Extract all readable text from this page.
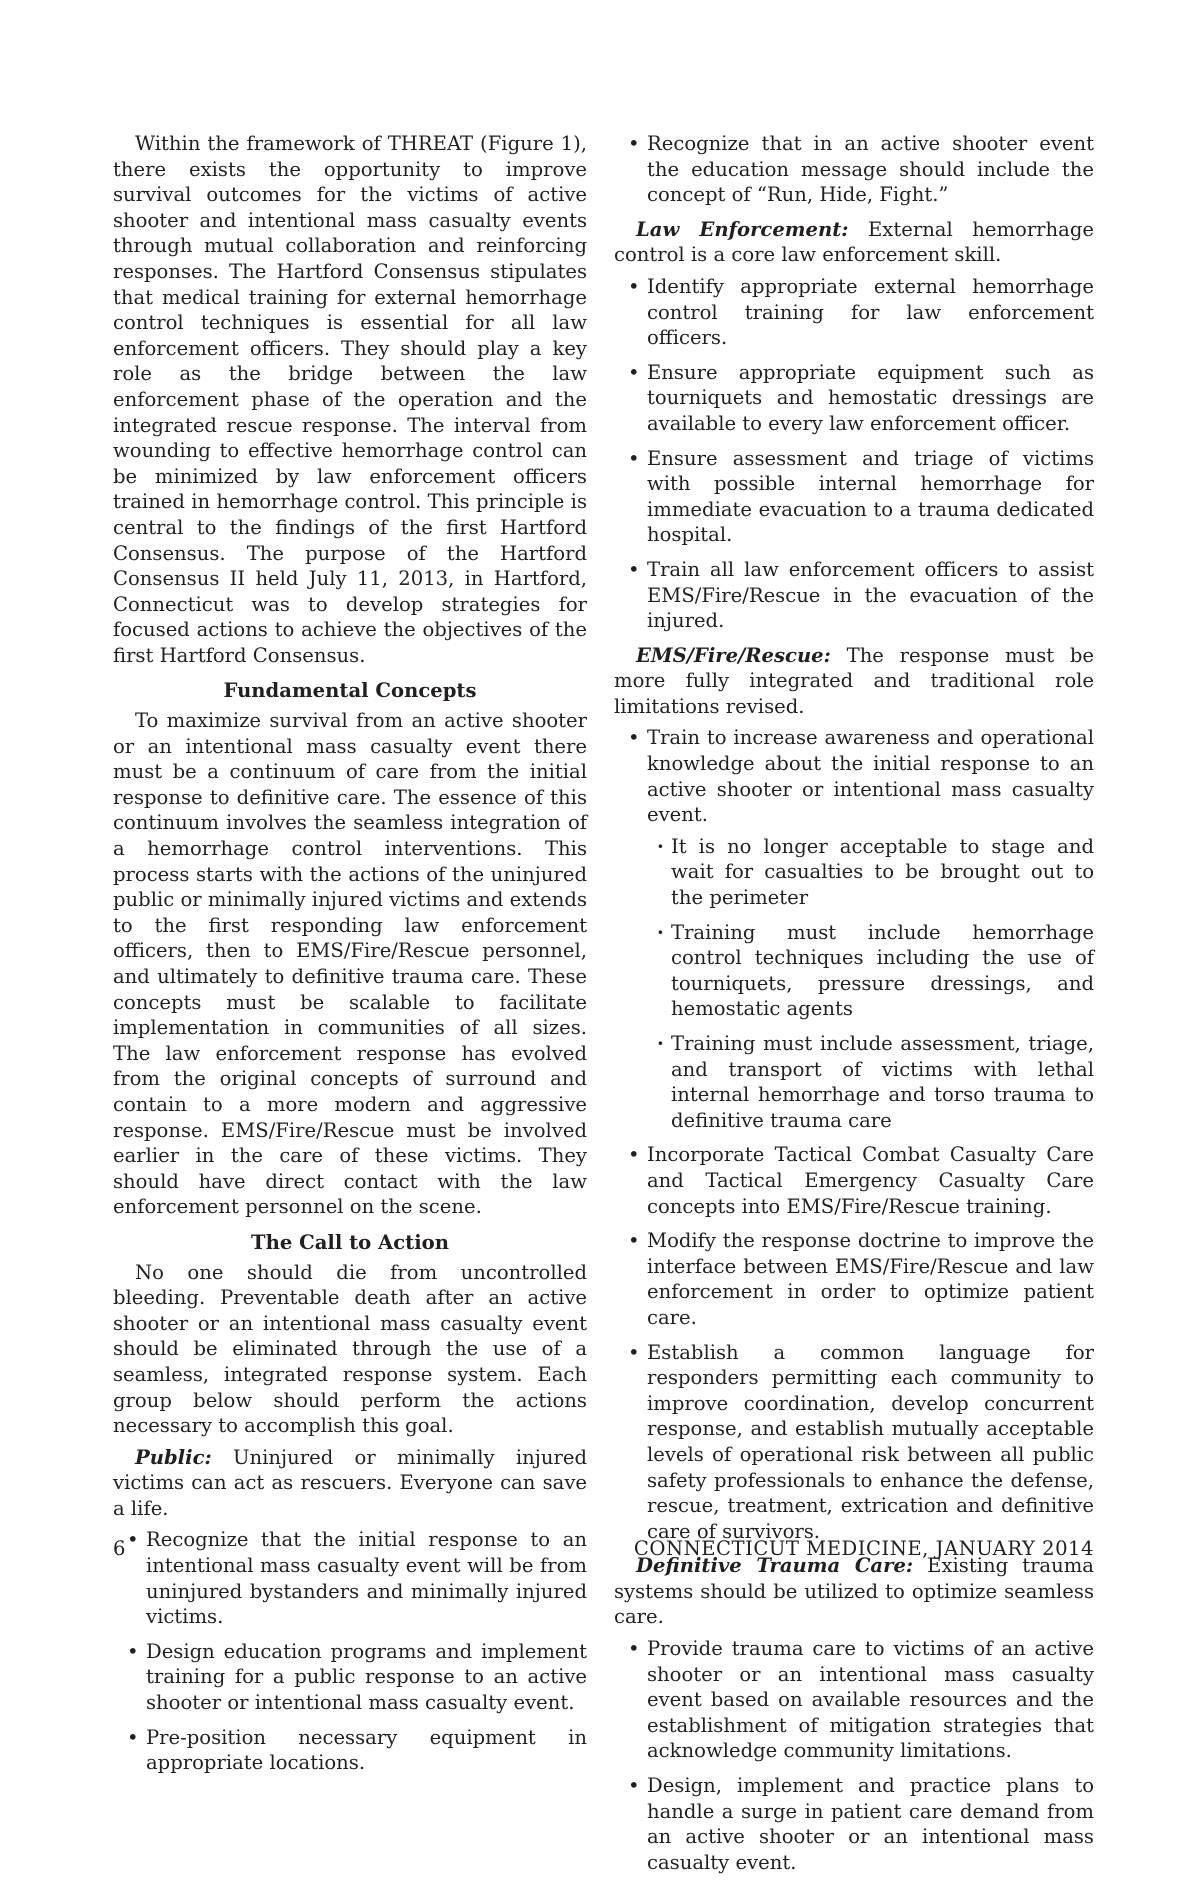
Within the framework of THREAT (Figure 1), there exists the opportunity to improve survival outcomes for the victims of active shooter and intentional mass casualty events through mutual collaboration and reinforcing responses. The Hartford Consensus stipulates that medical training for external hemorrhage control techniques is essential for all law enforcement officers. They should play a key role as the bridge between the law enforcement phase of the operation and the integrated rescue response. The interval from wounding to effective hemorrhage control can be minimized by law enforcement officers trained in hemorrhage control. This principle is central to the findings of the first Hartford Consensus. The purpose of the Hartford Consensus II held July 11, 2013, in Hartford, Connecticut was to develop strategies for focused actions to achieve the objectives of the first Hartford Consensus.

Fundamental Concepts

To maximize survival from an active shooter or an intentional mass casualty event there must be a continuum of care from the initial response to definitive care. The essence of this continuum involves the seamless integration of a hemorrhage control interventions. This process starts with the actions of the uninjured public or minimally injured victims and extends to the first responding law enforcement officers, then to EMS/Fire/Rescue personnel, and ultimately to definitive trauma care. These concepts must be scalable to facilitate implementation in communities of all sizes. The law enforcement response has evolved from the original concepts of surround and contain to a more modern and aggressive response. EMS/Fire/Rescue must be involved earlier in the care of these victims. They should have direct contact with the law enforcement personnel on the scene.

The Call to Action

No one should die from uncontrolled bleeding. Preventable death after an active shooter or an intentional mass casualty event should be eliminated through the use of a seamless, integrated response system. Each group below should perform the actions necessary to accomplish this goal.

Public: Uninjured or minimally injured victims can act as rescuers. Everyone can save a life.

• Recognize that the initial response to an intentional mass casualty event will be from uninjured bystanders and minimally injured victims.
• Design education programs and implement training for a public response to an active shooter or intentional mass casualty event.
• Pre-position necessary equipment in appropriate locations.
• Recognize that in an active shooter event the education message should include the concept of “Run, Hide, Fight.”

Law Enforcement: External hemorrhage control is a core law enforcement skill.

• Identify appropriate external hemorrhage control training for law enforcement officers.
• Ensure appropriate equipment such as tourniquets and hemostatic dressings are available to every law enforcement officer.
• Ensure assessment and triage of victims with possible internal hemorrhage for immediate evacuation to a trauma dedicated hospital.
• Train all law enforcement officers to assist EMS/Fire/Rescue in the evacuation of the injured.

EMS/Fire/Rescue: The response must be more fully integrated and traditional role limitations revised.

• Train to increase awareness and operational knowledge about the initial response to an active shooter or intentional mass casualty event.
· It is no longer acceptable to stage and wait for casualties to be brought out to the perimeter
· Training must include hemorrhage control techniques including the use of tourniquets, pressure dressings, and hemostatic agents
· Training must include assessment, triage, and transport of victims with lethal internal hemorrhage and torso trauma to definitive trauma care
• Incorporate Tactical Combat Casualty Care and Tactical Emergency Casualty Care concepts into EMS/Fire/Rescue training.
• Modify the response doctrine to improve the interface between EMS/Fire/Rescue and law enforcement in order to optimize patient care.
• Establish a common language for responders permitting each community to improve coordination, develop concurrent response, and establish mutually acceptable levels of operational risk between all public safety professionals to enhance the defense, rescue, treatment, extrication and definitive care of survivors.

Definitive Trauma Care: Existing trauma systems should be utilized to optimize seamless care.

• Provide trauma care to victims of an active shooter or an intentional mass casualty event based on available resources and the establishment of mitigation strategies that acknowledge community limitations.
• Design, implement and practice plans to handle a surge in patient care demand from an active shooter or an intentional mass casualty event.
6	CONNECTICUT MEDICINE, JANUARY 2014
